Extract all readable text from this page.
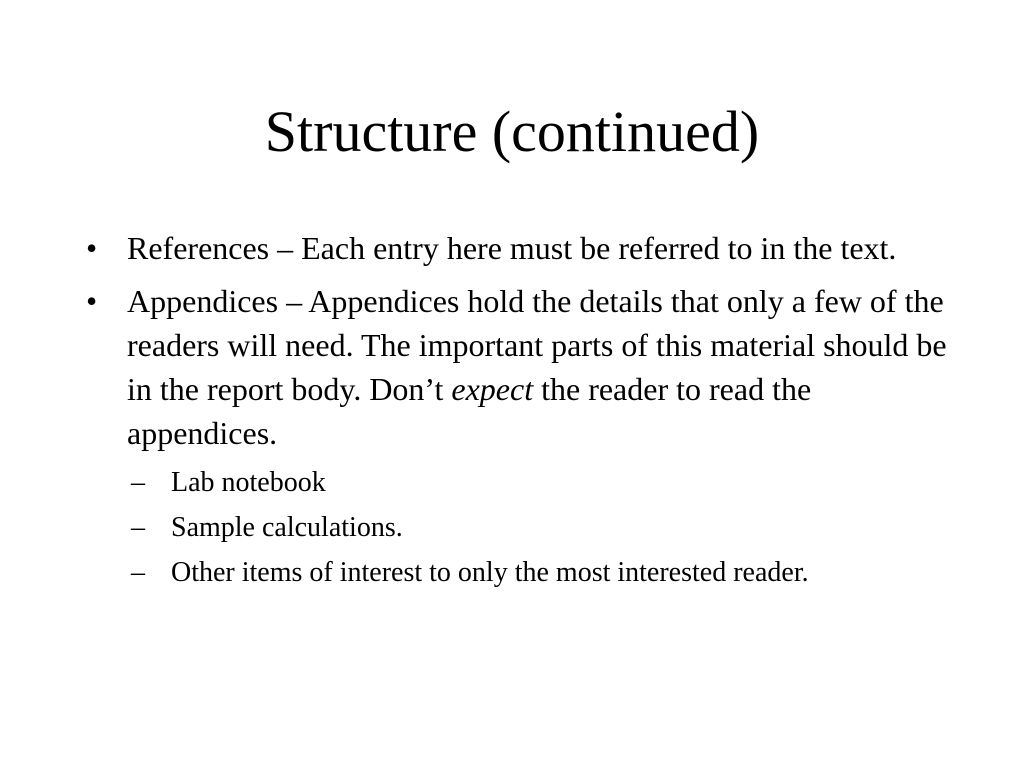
Structure (continued)
• References – Each entry here must be referred to in the text.
• Appendices – Appendices hold the details that only a few of the readers will need. The important parts of this material should be in the report body. Don’t expect the reader to read the appendices.
– Lab notebook
– Sample calculations.
– Other items of interest to only the most interested reader.
